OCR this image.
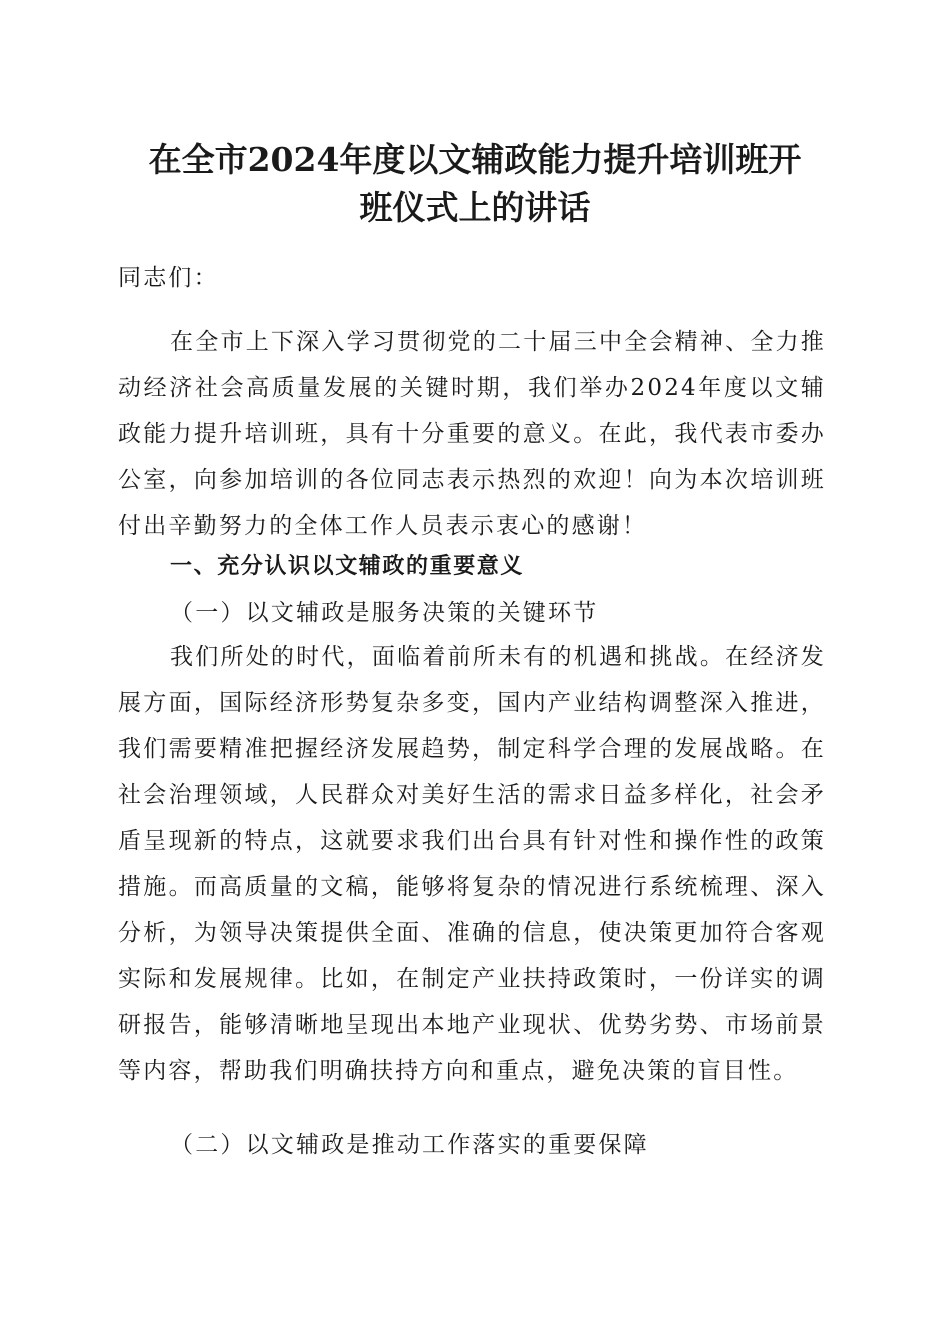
在全市2024年度以文辅政能力提升培训班开
班仪式上的讲话

同志们：

在全市上下深入学习贯彻党的二十届三中全会精神、全力推动经济社会高质量发展的关键时期，我们举办2024年度以文辅政能力提升培训班，具有十分重要的意义。在此，我代表市委办公室，向参加培训的各位同志表示热烈的欢迎！向为本次培训班付出辛勤努力的全体工作人员表示衷心的感谢！

一、充分认识以文辅政的重要意义

（一）以文辅政是服务决策的关键环节

我们所处的时代，面临着前所未有的机遇和挑战。在经济发展方面，国际经济形势复杂多变，国内产业结构调整深入推进，我们需要精准把握经济发展趋势，制定科学合理的发展战略。在社会治理领域，人民群众对美好生活的需求日益多样化，社会矛盾呈现新的特点，这就要求我们出台具有针对性和操作性的政策措施。而高质量的文稿，能够将复杂的情况进行系统梳理、深入分析，为领导决策提供全面、准确的信息，使决策更加符合客观实际和发展规律。比如，在制定产业扶持政策时，一份详实的调研报告，能够清晰地呈现出本地产业现状、优势劣势、市场前景等内容，帮助我们明确扶持方向和重点，避免决策的盲目性。

（二）以文辅政是推动工作落实的重要保障
